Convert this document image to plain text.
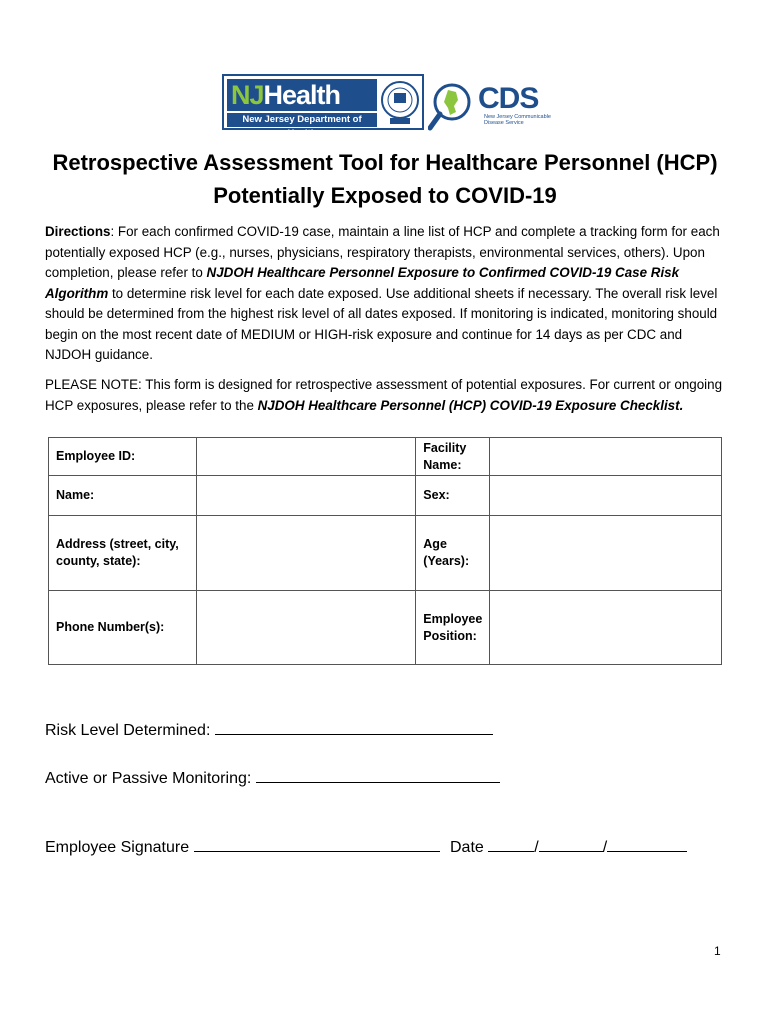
NJHealth
New Jersey Department of Health
CDS
New Jersey Communicable Disease Service
Retrospective Assessment Tool for Healthcare Personnel (HCP)
Potentially Exposed to COVID-19
Directions: For each confirmed COVID-19 case, maintain a line list of HCP and complete a tracking form for each potentially exposed HCP (e.g., nurses, physicians, respiratory therapists, environmental services, others). Upon completion, please refer to NJDOH Healthcare Personnel Exposure to Confirmed COVID-19 Case Risk Algorithm to determine risk level for each date exposed. Use additional sheets if necessary. The overall risk level should be determined from the highest risk level of all dates exposed. If monitoring is indicated, monitoring should begin on the most recent date of MEDIUM or HIGH-risk exposure and continue for 14 days as per CDC and NJDOH guidance.
PLEASE NOTE: This form is designed for retrospective assessment of potential exposures. For current or ongoing HCP exposures, please refer to the NJDOH Healthcare Personnel (HCP) COVID-19 Exposure Checklist.
Employee ID:		Facility Name:	
Name:		Sex:	
Address (street, city, county, state):		Age (Years):	
Phone Number(s):		Employee Position:	
Risk Level Determined:
Active or Passive Monitoring:
Employee Signature	Date	/	/
1
